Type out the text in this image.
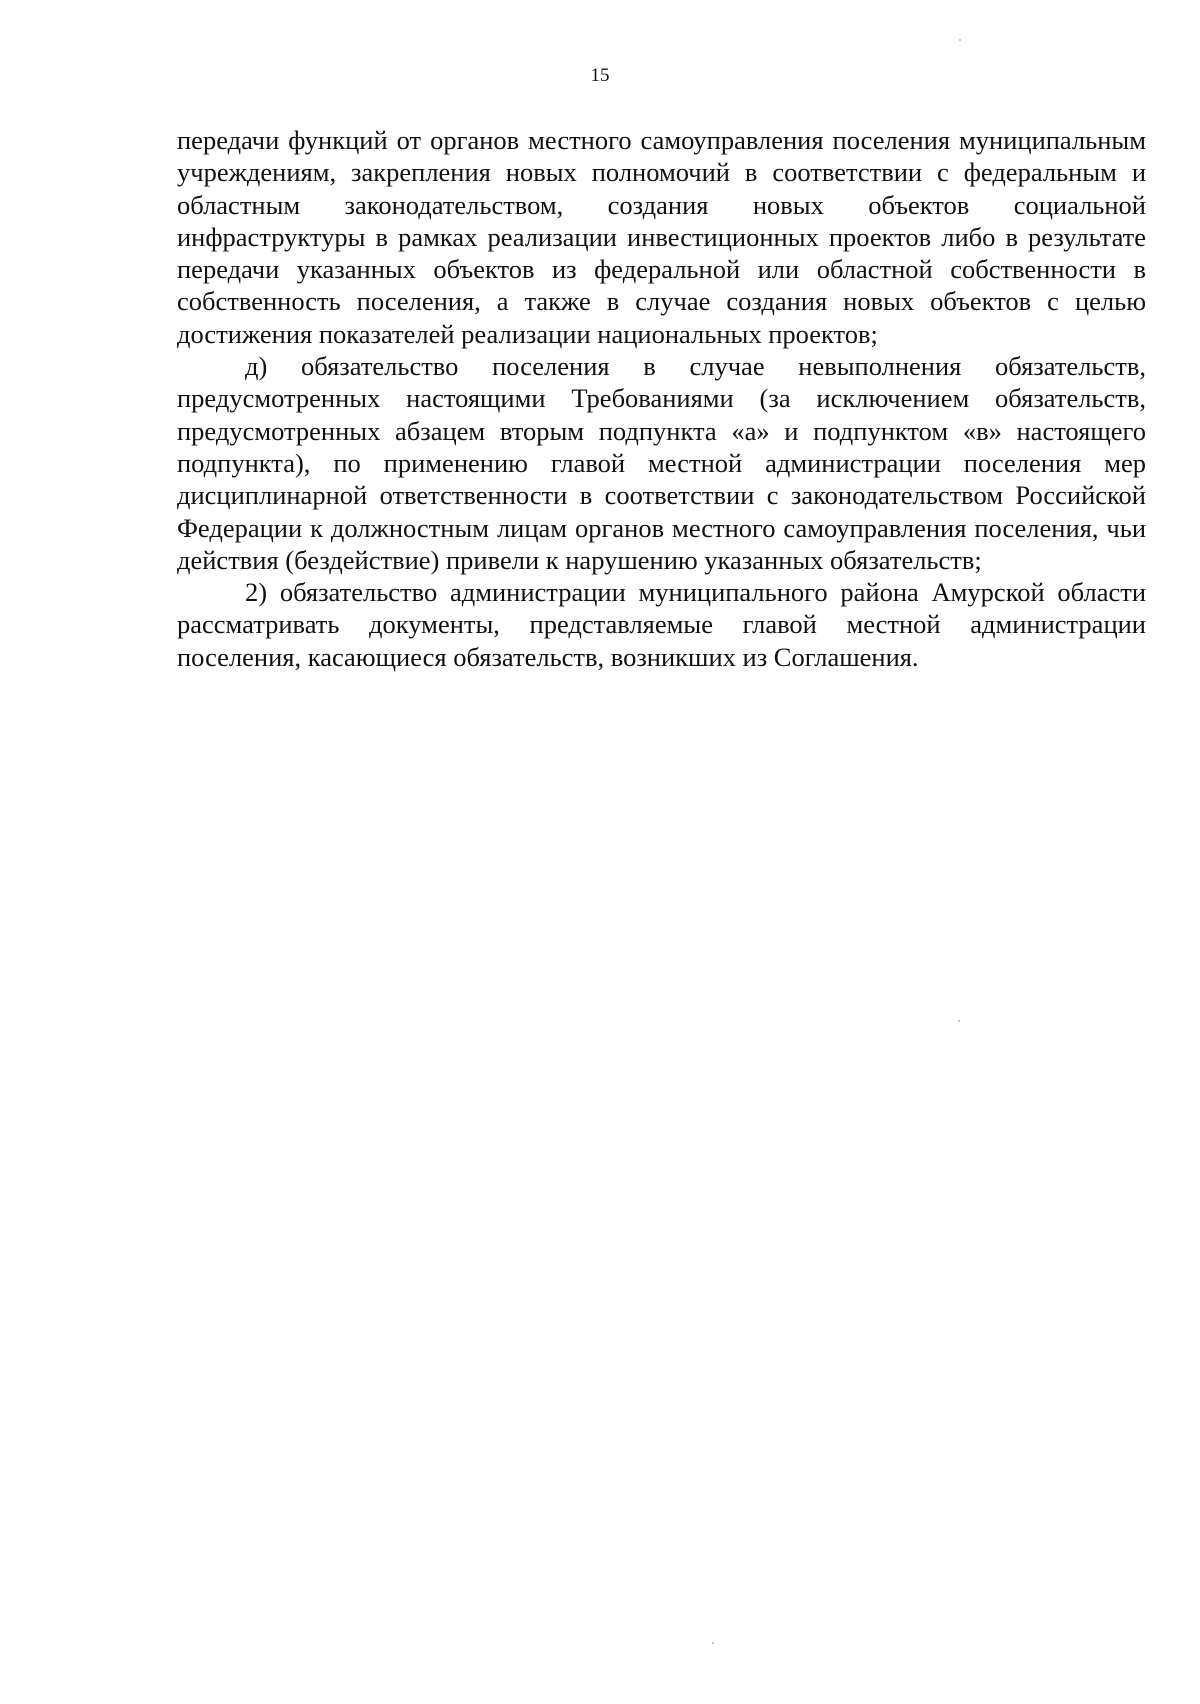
15

передачи функций от органов местного самоуправления поселения муниципальным учреждениям, закрепления новых полномочий в соответствии с федеральным и областным законодательством, создания новых объектов социальной инфраструктуры в рамках реализации инвестиционных проектов либо в результате передачи указанных объектов из федеральной или областной собственности в собственность поселения, а также в случае создания новых объектов с целью достижения показателей реализации национальных проектов;

д) обязательство поселения в случае невыполнения обязательств, предусмотренных настоящими Требованиями (за исключением обязательств, предусмотренных абзацем вторым подпункта «а» и подпунктом «в» настоящего подпункта), по применению главой местной администрации поселения мер дисциплинарной ответственности в соответствии с законодательством Российской Федерации к должностным лицам органов местного самоуправления поселения, чьи действия (бездействие) привели к нарушению указанных обязательств;

2) обязательство администрации муниципального района Амурской области рассматривать документы, представляемые главой местной администрации поселения, касающиеся обязательств, возникших из Соглашения.
